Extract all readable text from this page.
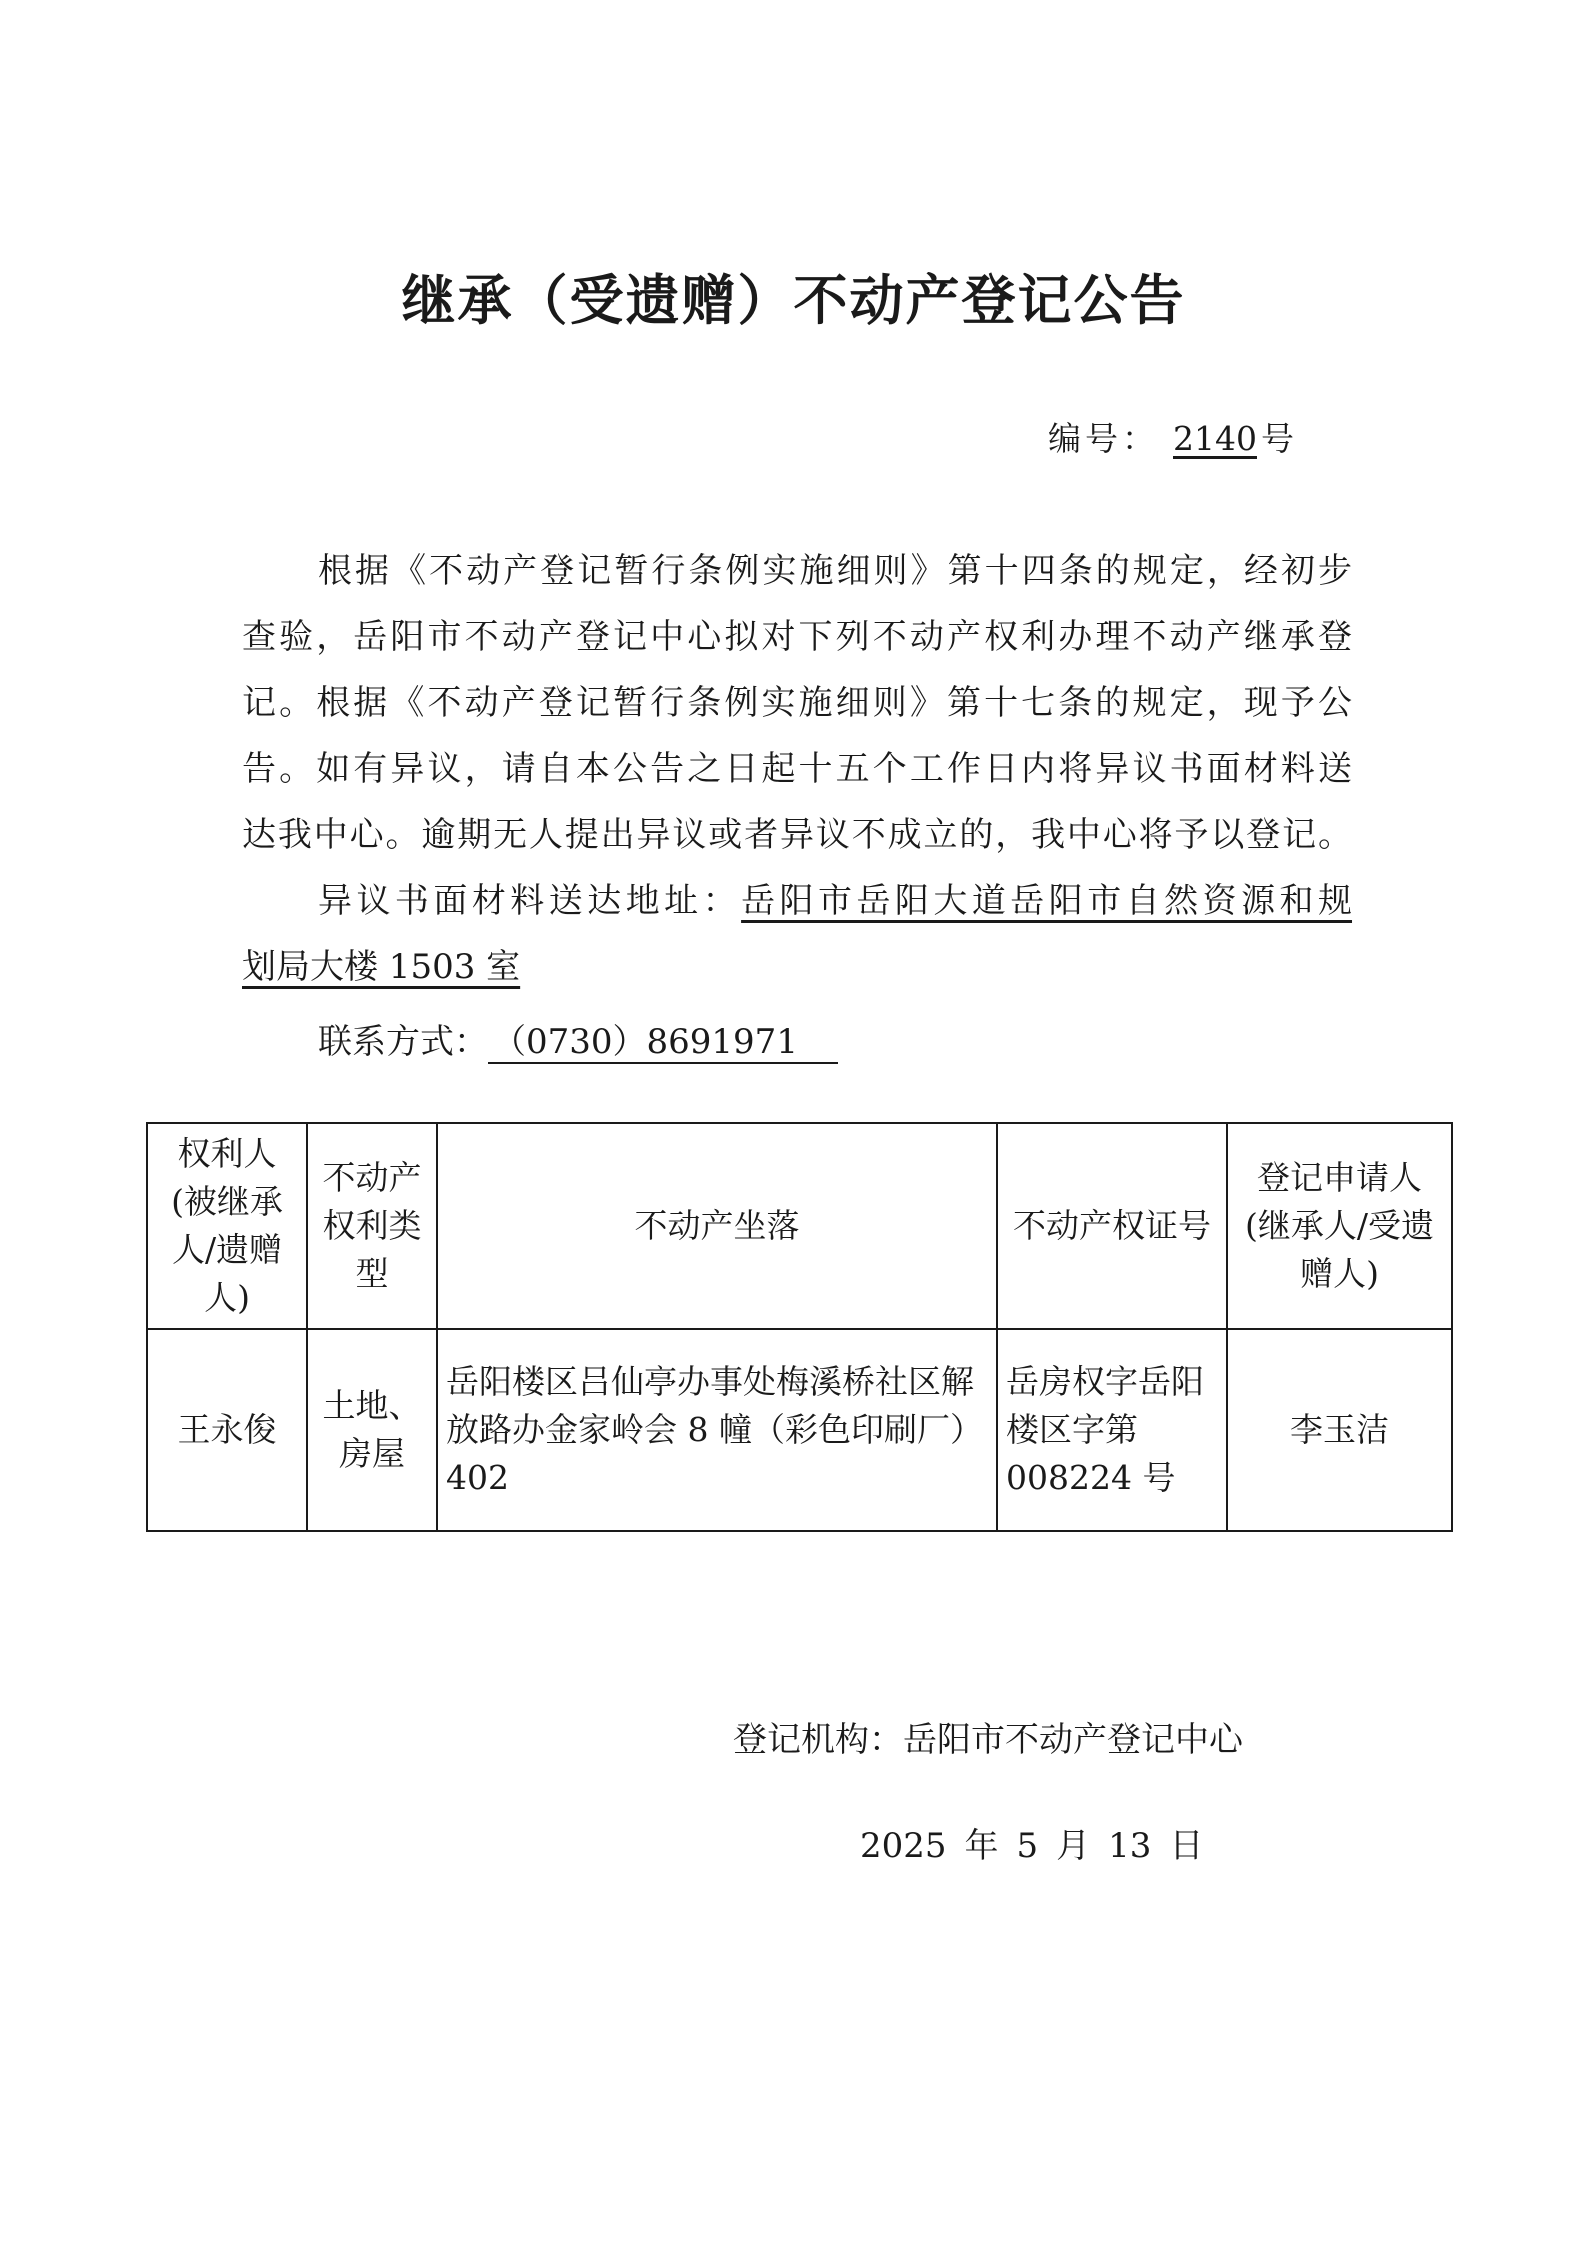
继承（受遗赠）不动产登记公告
编号： 2140 号
根据《不动产登记暂行条例实施细则》第十四条的规定，经初步
查验，岳阳市不动产登记中心拟对下列不动产权利办理不动产继承登
记。根据《不动产登记暂行条例实施细则》第十七条的规定，现予公
告。如有异议，请自本公告之日起十五个工作日内将异议书面材料送
达我中心。逾期无人提出异议或者异议不成立的，我中心将予以登记。
异议书面材料送达地址：岳阳市岳阳大道岳阳市自然资源和规
划局大楼 1503 室
联系方式： （0730）8691971
权利人(被继承人/遗赠人)	不动产权利类型	不动产坐落	不动产权证号	登记申请人(继承人/受遗赠人)
王永俊	土地、房屋	岳阳楼区吕仙亭办事处梅溪桥社区解放路办金家岭会 8 幢（彩色印刷厂）402	岳房权字岳阳楼区字第 008224 号	李玉洁
登记机构：岳阳市不动产登记中心
2025 年 5 月 13 日
